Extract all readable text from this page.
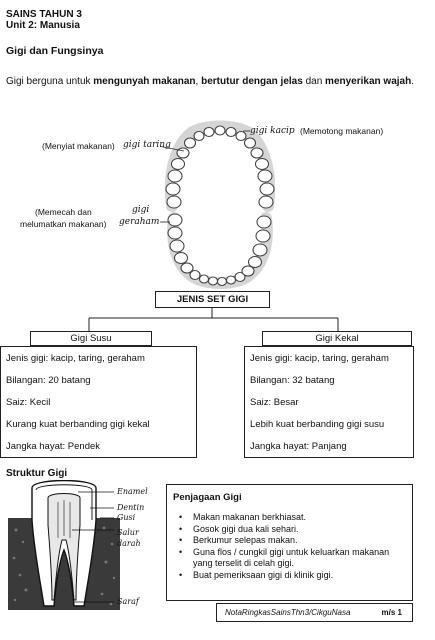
SAINS TAHUN 3
Unit 2: Manusia
Gigi dan Fungsinya
Gigi berguna untuk mengunyah makanan, bertutur dengan jelas dan menyerikan wajah.
gigi kacip (Memotong makanan)
(Menyiat makanan) gigi taring
(Memecah dan
melumatkan makanan)
gigi
geraham
JENIS SET GIGI
Gigi Susu
Jenis gigi: kacip, taring, geraham
Bilangan: 20 batang
Saiz: Kecil
Kurang kuat berbanding gigi kekal
Jangka hayat: Pendek
Gigi Kekal
Jenis gigi: kacip, taring, geraham
Bilangan: 32 batang
Saiz: Besar
Lebih kuat berbanding gigi susu
Jangka hayat: Panjang
Struktur Gigi
Enamel
Dentin
Gusi
Salur
darah
Saraf
Penjagaan Gigi
• Makan makanan berkhiasat.
• Gosok gigi dua kali sehari.
• Berkumur selepas makan.
• Guna flos / cungkil gigi untuk keluarkan makanan yang terselit di celah gigi.
• Buat pemeriksaan gigi di klinik gigi.
NotaRingkasSainsThn3/CikguNasa	m/s 1
